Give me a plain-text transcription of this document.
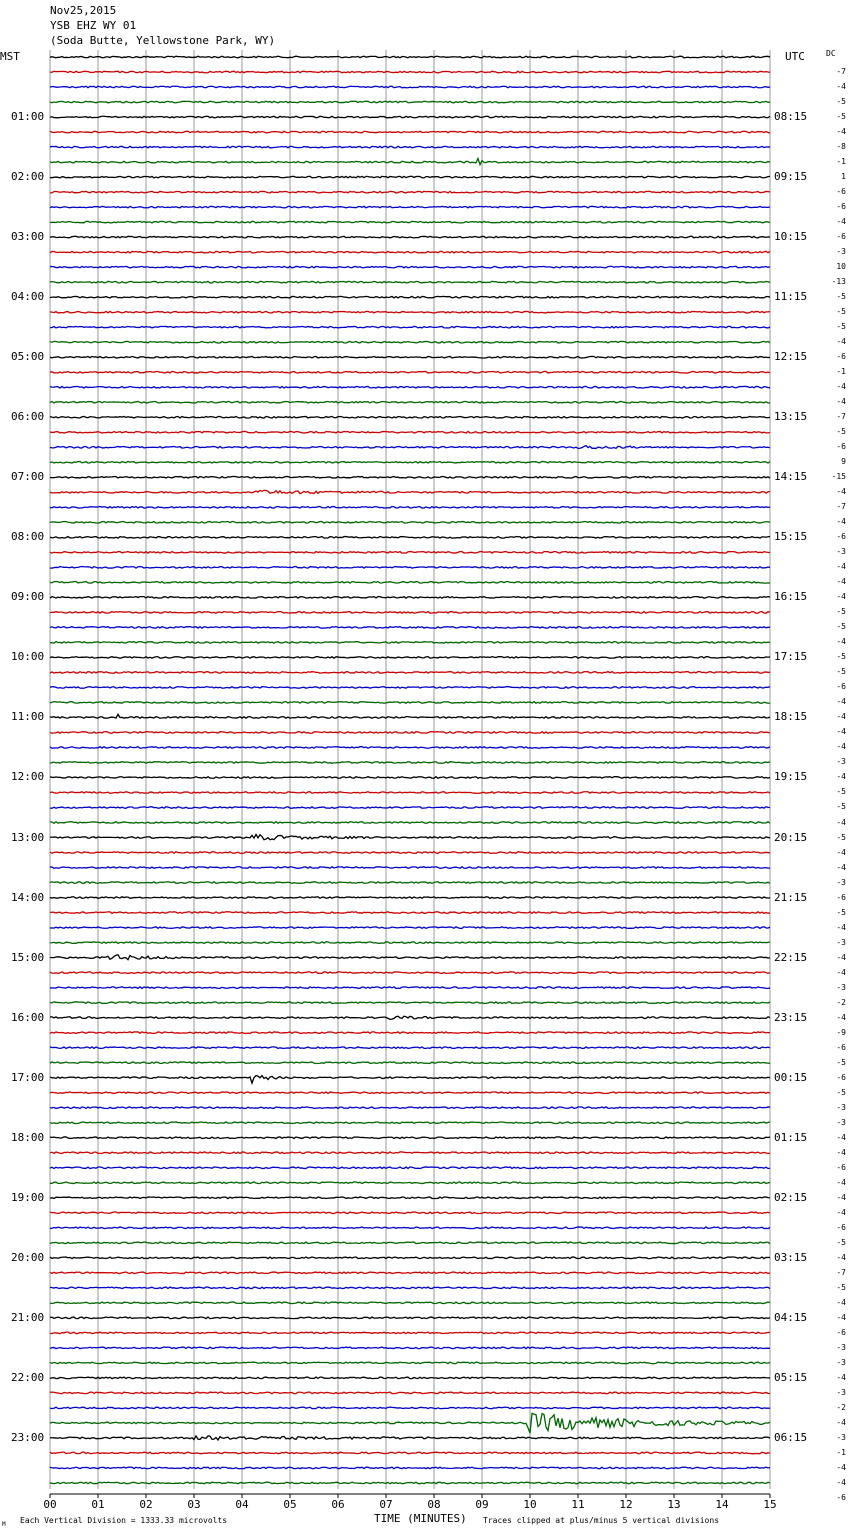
Nov25,2015
YSB EHZ WY 01
(Soda Butte, Yellowstone Park, WY)
MST	UTC	DC
00	01	02	03	04	05	06	07	08	09	10	11	12	13	14	15
TIME (MINUTES)
Each Vertical Division = 1333.33 microvolts	Traces clipped at plus/minus 5 vertical divisions
M
01:00
02:00
03:00
04:00
05:00
06:00
07:00
08:00
09:00
10:00
11:00
12:00
13:00
14:00
15:00
16:00
17:00
18:00
19:00
20:00
21:00
22:00
23:00
08:15
09:15
10:15
11:15
12:15
13:15
14:15
15:15
16:15
17:15
18:15
19:15
20:15
21:15
22:15
23:15
00:15
01:15
02:15
03:15
04:15
05:15
06:15
-7
-4
-5
-5
-4
-8
-1
1
-6
-6
-4
-6
-3
10
-13
-5
-5
-5
-4
-6
-1
-4
-4
-7
-5
-6
9
-15
-4
-7
-4
-6
-3
-4
-4
-4
-5
-5
-4
-5
-5
-6
-4
-4
-4
-4
-3
-4
-5
-5
-4
-5
-4
-4
-3
-6
-5
-4
-3
-4
-4
-3
-2
-4
-9
-6
-5
-6
-5
-3
-3
-4
-4
-6
-4
-4
-4
-6
-5
-4
-7
-5
-4
-4
-6
-3
-3
-4
-3
-2
-4
-3
-1
-4
-4
-6
